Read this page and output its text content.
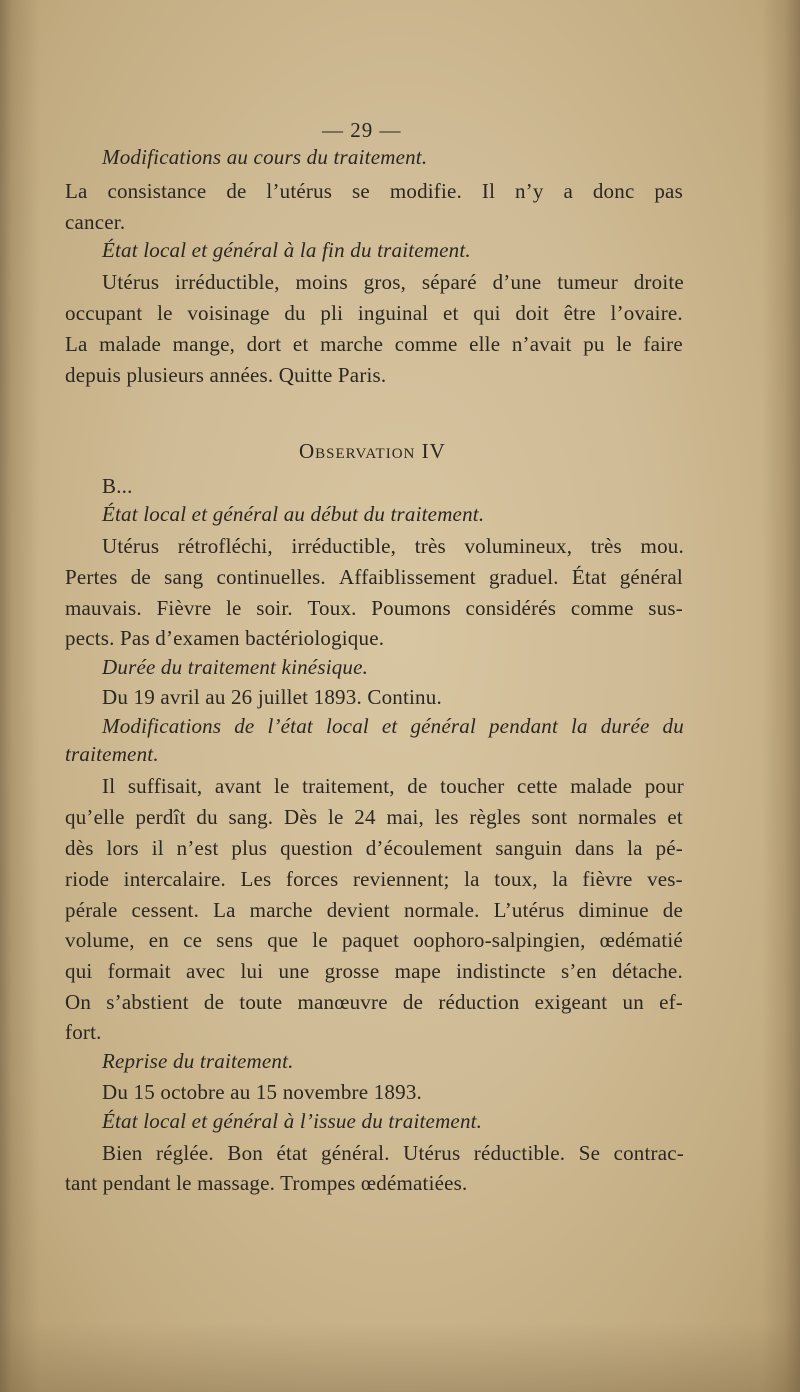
— 29 —
Modifications au cours du traitement.
La consistance de l’utérus se modifie. Il n’y a donc pas
cancer.
État local et général à la fin du traitement.
Utérus irréductible, moins gros, séparé d’une tumeur droite
occupant le voisinage du pli inguinal et qui doit être l’ovaire.
La malade mange, dort et marche comme elle n’avait pu le faire
depuis plusieurs années. Quitte Paris.
Observation IV
B...
État local et général au début du traitement.
Utérus rétrofléchi, irréductible, très volumineux, très mou.
Pertes de sang continuelles. Affaiblissement graduel. État général
mauvais. Fièvre le soir. Toux. Poumons considérés comme sus-
pects. Pas d’examen bactériologique.
Durée du traitement kinésique.
Du 19 avril au 26 juillet 1893. Continu.
Modifications de l’état local et général pendant la durée du
traitement.
Il suffisait, avant le traitement, de toucher cette malade pour
qu’elle perdît du sang. Dès le 24 mai, les règles sont normales et
dès lors il n’est plus question d’écoulement sanguin dans la pé-
riode intercalaire. Les forces reviennent; la toux, la fièvre ves-
pérale cessent. La marche devient normale. L’utérus diminue de
volume, en ce sens que le paquet oophoro-salpingien, œdématié
qui formait avec lui une grosse mape indistincte s’en détache.
On s’abstient de toute manœuvre de réduction exigeant un ef-
fort.
Reprise du traitement.
Du 15 octobre au 15 novembre 1893.
État local et général à l’issue du traitement.
Bien réglée. Bon état général. Utérus réductible. Se contrac-
tant pendant le massage. Trompes œdématiées.
